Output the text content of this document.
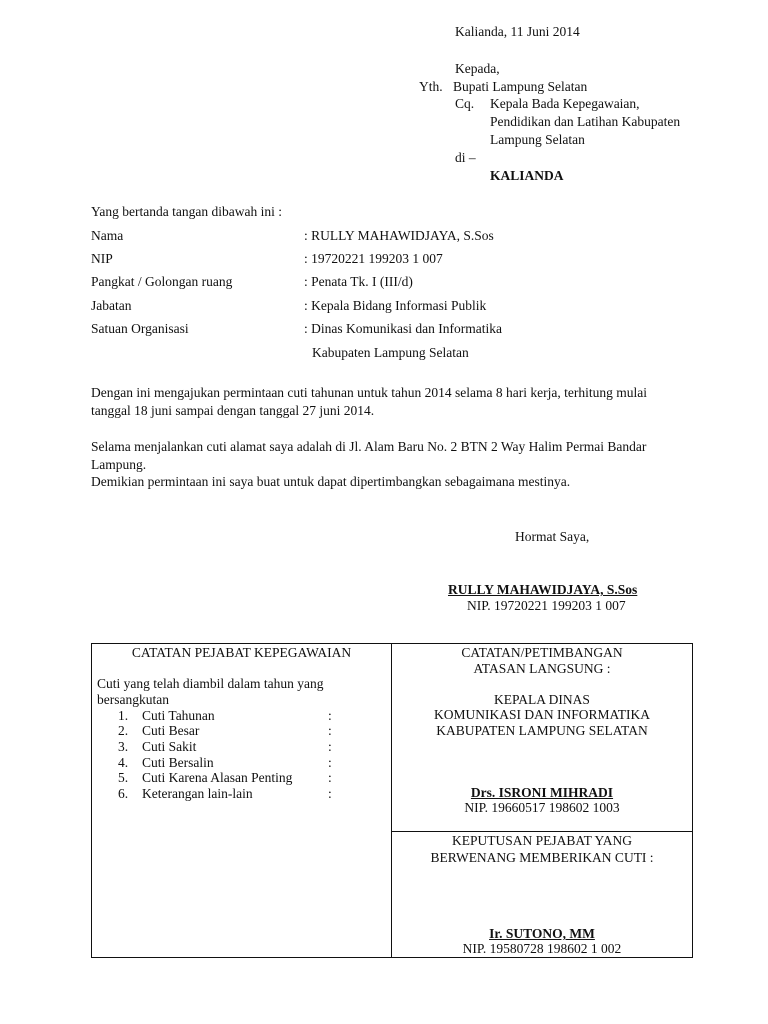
Kalianda, 11 Juni 2014
Kepada,
Yth. Bupati Lampung Selatan
Cq. Kepala Bada Kepegawaian,
Pendidikan dan Latihan Kabupaten
Lampung Selatan
di –
KALIANDA
Yang bertanda tangan dibawah ini :
Nama	: RULLY MAHAWIDJAYA, S.Sos
NIP	: 19720221 199203 1 007
Pangkat / Golongan ruang	: Penata Tk. I (III/d)
Jabatan	: Kepala Bidang Informasi Publik
Satuan Organisasi	: Dinas Komunikasi dan Informatika
Kabupaten Lampung Selatan
Dengan ini mengajukan permintaan cuti tahunan untuk tahun 2014 selama 8 hari kerja, terhitung mulai
tanggal 18 juni sampai dengan tanggal 27 juni 2014.
Selama menjalankan cuti alamat saya adalah di Jl. Alam Baru No. 2 BTN 2 Way Halim Permai Bandar
Lampung.
Demikian permintaan ini saya buat untuk dapat dipertimbangkan sebagaimana mestinya.
Hormat Saya,
RULLY MAHAWIDJAYA, S.Sos
NIP. 19720221 199203 1 007
CATATAN PEJABAT KEPEGAWAIAN
Cuti yang telah diambil dalam tahun yang
bersangkutan
1. Cuti Tahunan	:
2. Cuti Besar	:
3. Cuti Sakit	:
4. Cuti Bersalin	:
5. Cuti Karena Alasan Penting	:
6. Keterangan lain-lain	:
CATATAN/PETIMBANGAN
ATASAN LANGSUNG :
KEPALA DINAS
KOMUNIKASI DAN INFORMATIKA
KABUPATEN LAMPUNG SELATAN
Drs. ISRONI MIHRADI
NIP. 19660517 198602 1003
KEPUTUSAN PEJABAT YANG
BERWENANG MEMBERIKAN CUTI :
Ir. SUTONO, MM
NIP. 19580728 198602 1 002
